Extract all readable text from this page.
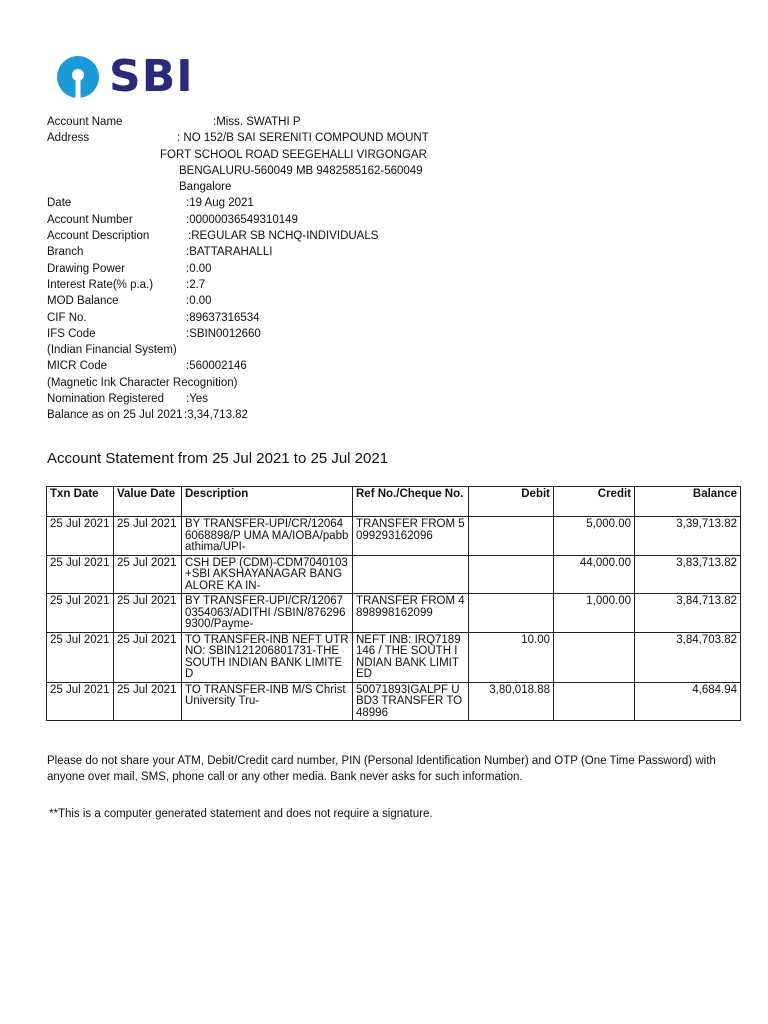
SBI
Account Name	:Miss. SWATHI P
Address	: NO 152/B SAI SERENITI COMPOUND MOUNT
FORT SCHOOL ROAD SEEGEHALLI VIRGONGAR
BENGALURU-560049 MB 9482585162-560049
Bangalore
Date	:19 Aug 2021
Account Number	:00000036549310149
Account Description	:REGULAR SB NCHQ-INDIVIDUALS
Branch	:BATTARAHALLI
Drawing Power	:0.00
Interest Rate(% p.a.)	:2.7
MOD Balance	:0.00
CIF No.	:89637316534
IFS Code	:SBIN0012660
(Indian Financial System)
MICR Code	:560002146
(Magnetic Ink Character Recognition)
Nomination Registered :Yes
Balance as on 25 Jul 2021 :3,34,713.82
Account Statement from 25 Jul 2021 to 25 Jul 2021
Txn Date	Value Date	Description	Ref No./Cheque No.	Debit	Credit	Balance
25 Jul 2021	25 Jul 2021	BY TRANSFER-UPI/CR/120646068898/P UMA MA/IOBA/pabbathima/UPI-	TRANSFER FROM 5099293162096		5,000.00	3,39,713.82
25 Jul 2021	25 Jul 2021	CSH DEP (CDM)-CDM7040103+SBI AKSHAYANAGAR BANGALORE KA IN-			44,000.00	3,83,713.82
25 Jul 2021	25 Jul 2021	BY TRANSFER-UPI/CR/120670354063/ADITHI /SBIN/8762969300/Payme-	TRANSFER FROM 4898998162099		1,000.00	3,84,713.82
25 Jul 2021	25 Jul 2021	TO TRANSFER-INB NEFT UTR NO: SBIN121206801731-THE SOUTH INDIAN BANK LIMITED	NEFT INB: IRQ7189146 / THE SOUTH INDIAN BANK LIMITED	10.00		3,84,703.82
25 Jul 2021	25 Jul 2021	TO TRANSFER-INB M/S Christ University Tru-	50071893IGALPF UBD3 TRANSFER TO 48996	3,80,018.88		4,684.94
Please do not share your ATM, Debit/Credit card number, PIN (Personal Identification Number) and OTP (One Time Password) with anyone over mail, SMS, phone call or any other media. Bank never asks for such information.
**This is a computer generated statement and does not require a signature.
